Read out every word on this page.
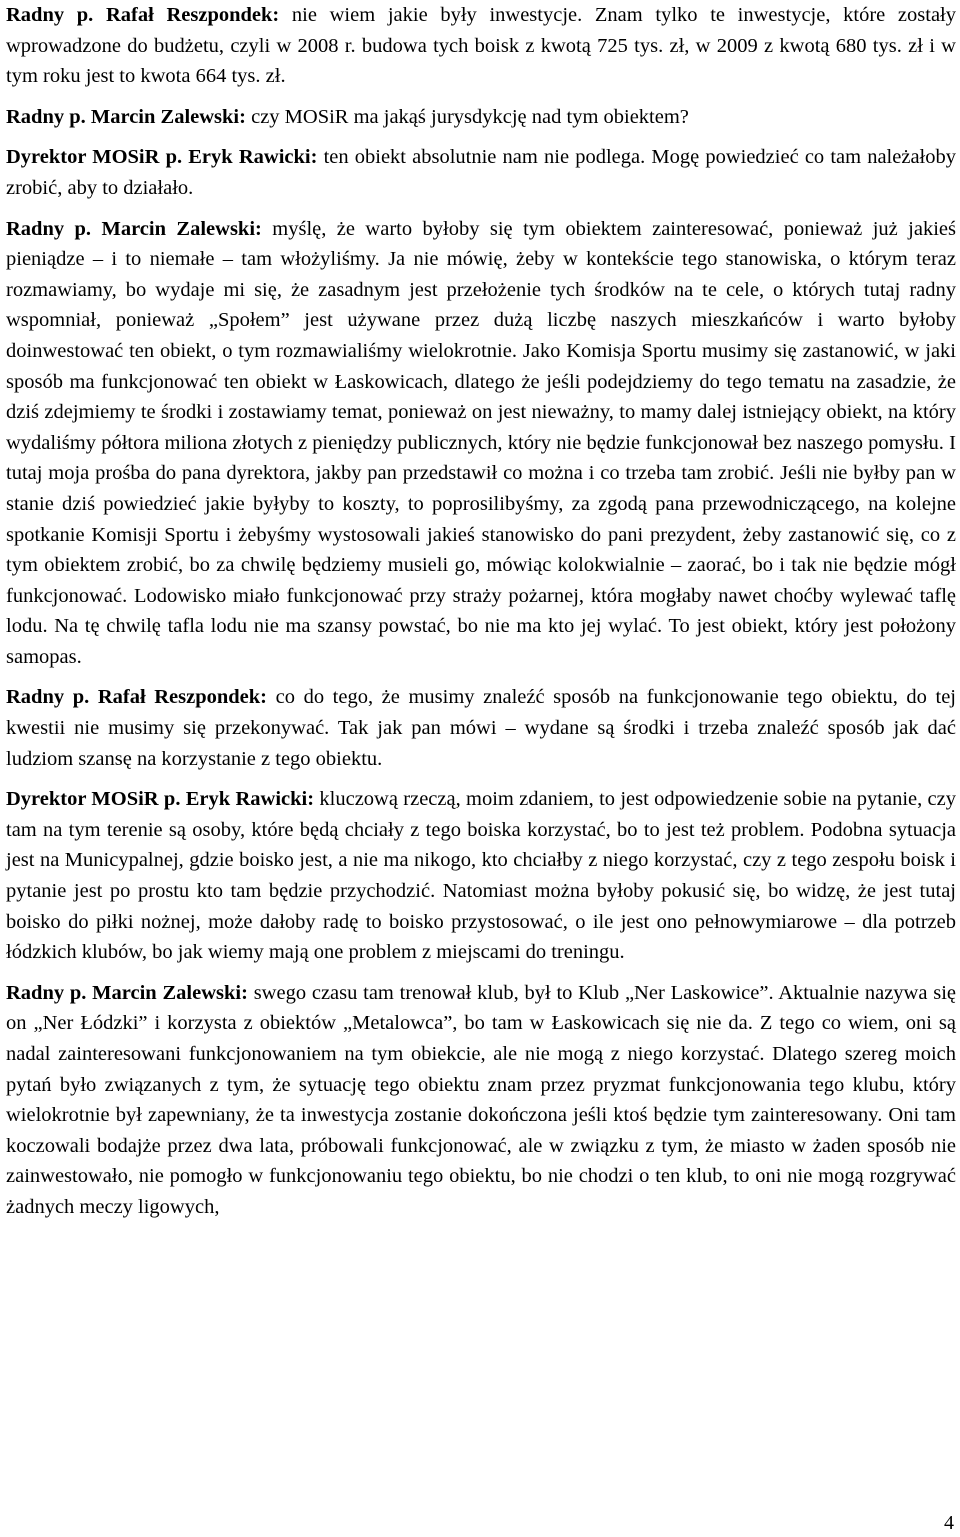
Radny p. Rafał Reszpondek: nie wiem jakie były inwestycje. Znam tylko te inwestycje, które zostały wprowadzone do budżetu, czyli w 2008 r. budowa tych boisk z kwotą 725 tys. zł, w 2009 z kwotą 680 tys. zł i w tym roku jest to kwota 664 tys. zł.

Radny p. Marcin Zalewski: czy MOSiR ma jakąś jurysdykcję nad tym obiektem?

Dyrektor MOSiR p. Eryk Rawicki: ten obiekt absolutnie nam nie podlega. Mogę powiedzieć co tam należałoby zrobić, aby to działało.

Radny p. Marcin Zalewski: myślę, że warto byłoby się tym obiektem zainteresować, ponieważ już jakieś pieniądze – i to niemałe – tam włożyliśmy. Ja nie mówię, żeby w kontekście tego stanowiska, o którym teraz rozmawiamy, bo wydaje mi się, że zasadnym jest przełożenie tych środków na te cele, o których tutaj radny wspomniał, ponieważ „Społem” jest używane przez dużą liczbę naszych mieszkańców i warto byłoby doinwestować ten obiekt, o tym rozmawialiśmy wielokrotnie. Jako Komisja Sportu musimy się zastanowić, w jaki sposób ma funkcjonować ten obiekt w Łaskowicach, dlatego że jeśli podejdziemy do tego tematu na zasadzie, że dziś zdejmiemy te środki i zostawiamy temat, ponieważ on jest nieważny, to mamy dalej istniejący obiekt, na który wydaliśmy półtora miliona złotych z pieniędzy publicznych, który nie będzie funkcjonował bez naszego pomysłu. I tutaj moja prośba do pana dyrektora, jakby pan przedstawił co można i co trzeba tam zrobić. Jeśli nie byłby pan w stanie dziś powiedzieć jakie byłyby to koszty, to poprosilibyśmy, za zgodą pana przewodniczącego, na kolejne spotkanie Komisji Sportu i żebyśmy wystosowali jakieś stanowisko do pani prezydent, żeby zastanowić się, co z tym obiektem zrobić, bo za chwilę będziemy musieli go, mówiąc kolokwialnie – zaorać, bo i tak nie będzie mógł funkcjonować. Lodowisko miało funkcjonować przy straży pożarnej, która mogłaby nawet choćby wylewać taflę lodu. Na tę chwilę tafla lodu nie ma szansy powstać, bo nie ma kto jej wylać. To jest obiekt, który jest położony samopas.

Radny p. Rafał Reszpondek: co do tego, że musimy znaleźć sposób na funkcjonowanie tego obiektu, do tej kwestii nie musimy się przekonywać. Tak jak pan mówi – wydane są środki i trzeba znaleźć sposób jak dać ludziom szansę na korzystanie z tego obiektu.

Dyrektor MOSiR p. Eryk Rawicki: kluczową rzeczą, moim zdaniem, to jest odpowiedzenie sobie na pytanie, czy tam na tym terenie są osoby, które będą chciały z tego boiska korzystać, bo to jest też problem. Podobna sytuacja jest na Municypalnej, gdzie boisko jest, a nie ma nikogo, kto chciałby z niego korzystać, czy z tego zespołu boisk i pytanie jest po prostu kto tam będzie przychodzić. Natomiast można byłoby pokusić się, bo widzę, że jest tutaj boisko do piłki nożnej, może dałoby radę to boisko przystosować, o ile jest ono pełnowymiarowe – dla potrzeb łódzkich klubów, bo jak wiemy mają one problem z miejscami do treningu.

Radny p. Marcin Zalewski: swego czasu tam trenował klub, był to Klub „Ner Laskowice”. Aktualnie nazywa się on „Ner Łódzki” i korzysta z obiektów „Metalowca”, bo tam w Łaskowicach się nie da. Z tego co wiem, oni są nadal zainteresowani funkcjonowaniem na tym obiekcie, ale nie mogą z niego korzystać. Dlatego szereg moich pytań było związanych z tym, że sytuację tego obiektu znam przez pryzmat funkcjonowania tego klubu, który wielokrotnie był zapewniany, że ta inwestycja zostanie dokończona jeśli ktoś będzie tym zainteresowany. Oni tam koczowali bodajże przez dwa lata, próbowali funkcjonować, ale w związku z tym, że miasto w żaden sposób nie zainwestowało, nie pomogło w funkcjonowaniu tego obiektu, bo nie chodzi o ten klub, to oni nie mogą rozgrywać żadnych meczy ligowych,

4
